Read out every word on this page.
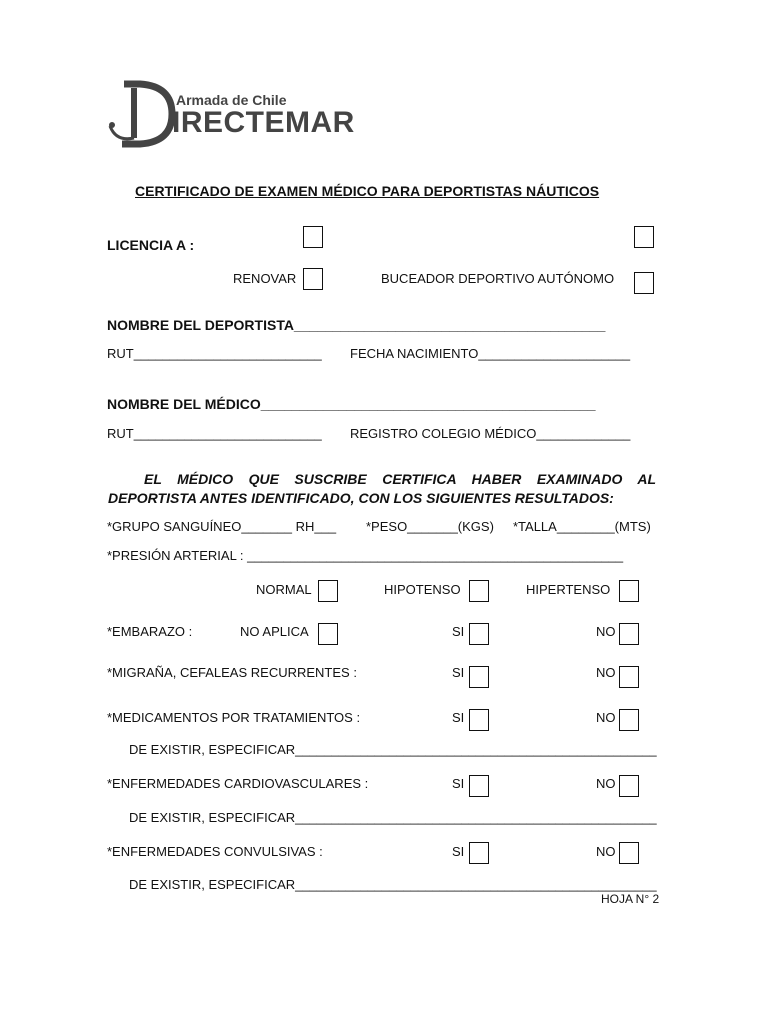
Armada de Chile
IRECTEMAR
CERTIFICADO DE EXAMEN MÉDICO PARA DEPORTISTAS NÁUTICOS
LICENCIA A :
RENOVAR	BUCEADOR DEPORTIVO AUTÓNOMO
NOMBRE DEL DEPORTISTA________________________________________
RUT__________________________ FECHA NACIMIENTO_____________________
NOMBRE DEL MÉDICO___________________________________________
RUT__________________________ REGISTRO COLEGIO MÉDICO_____________
EL MÉDICO QUE SUSCRIBE CERTIFICA HABER EXAMINADO AL DEPORTISTA ANTES IDENTIFICADO, CON LOS SIGUIENTES RESULTADOS:
*GRUPO SANGUÍNEO_______ RH___ *PESO_______(KGS) *TALLA________(MTS)
*PRESIÓN ARTERIAL : ____________________________________________________
NORMAL	HIPOTENSO	HIPERTENSO
*EMBARAZO :	NO APLICA	SI	NO
*MIGRAÑA, CEFALEAS RECURRENTES :	SI	NO
*MEDICAMENTOS POR TRATAMIENTOS :	SI	NO
DE EXISTIR, ESPECIFICAR__________________________________________________
*ENFERMEDADES CARDIOVASCULARES :	SI	NO
DE EXISTIR, ESPECIFICAR__________________________________________________
*ENFERMEDADES CONVULSIVAS :	SI	NO
DE EXISTIR, ESPECIFICAR__________________________________________________
HOJA N° 2
